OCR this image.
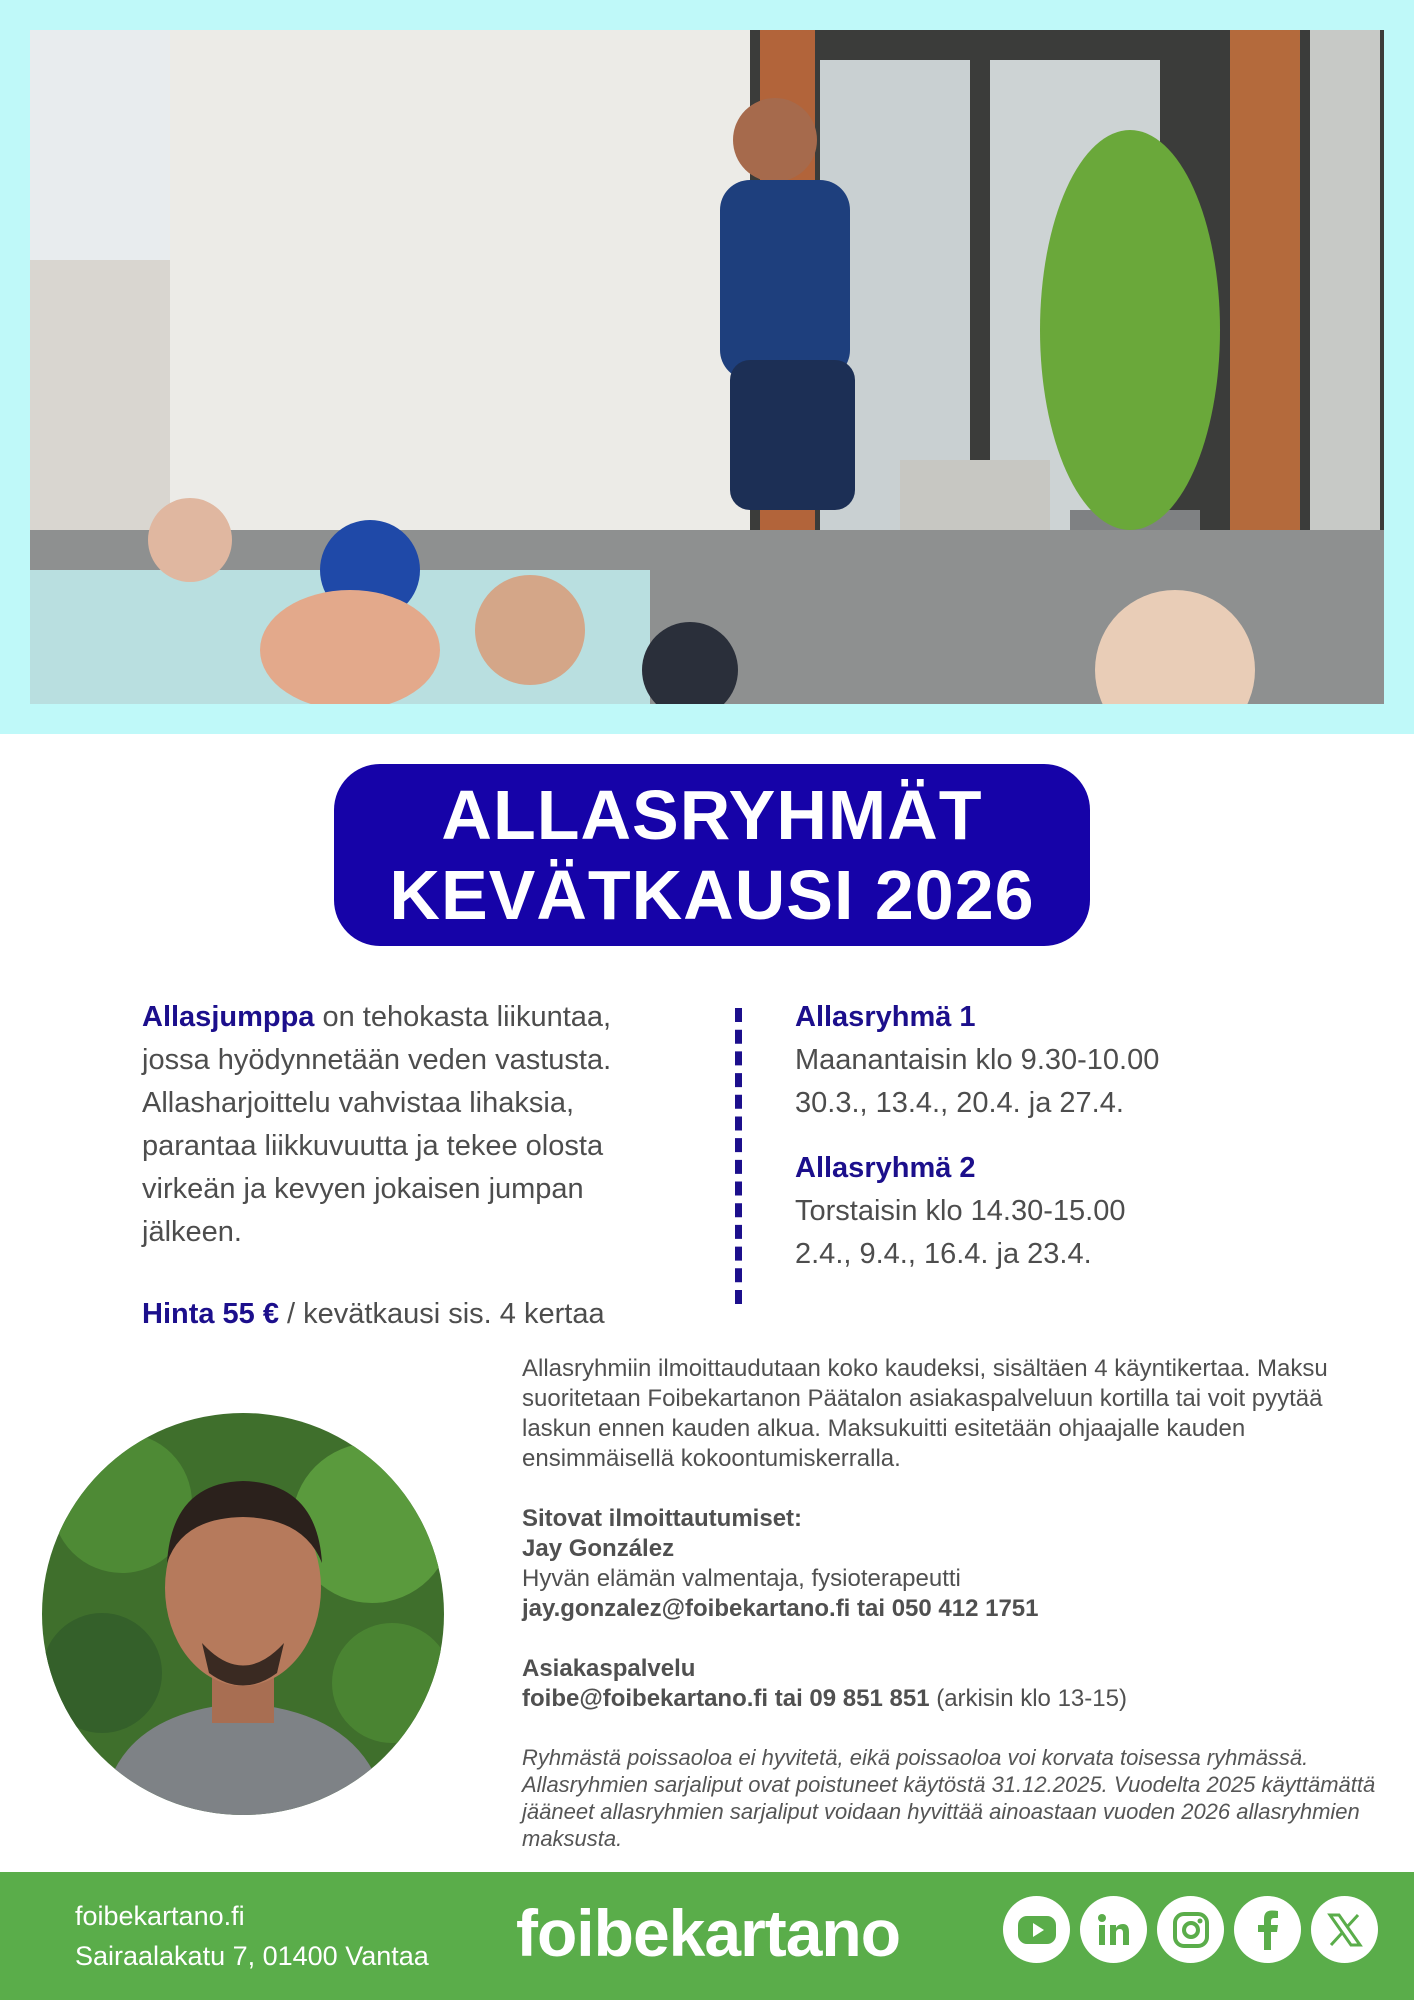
ALLASRYHMÄT
KEVÄTKAUSI 2026
Allasjumppa on tehokasta liikuntaa, jossa hyödynnetään veden vastusta. Allasharjoittelu vahvistaa lihaksia, parantaa liikkuvuutta ja tekee olosta virkeän ja kevyen jokaisen jumpan jälkeen.
Hinta 55 € / kevätkausi sis. 4 kertaa
Allasryhmä 1
Maanantaisin klo 9.30-10.00
30.3., 13.4., 20.4. ja 27.4.
Allasryhmä 2
Torstaisin klo 14.30-15.00
2.4., 9.4., 16.4. ja 23.4.

Allasryhmiin ilmoittaudutaan koko kaudeksi, sisältäen 4 käyntikertaa. Maksu suoritetaan Foibekartanon Päätalon asiakaspalveluun kortilla tai voit pyytää laskun ennen kauden alkua. Maksukuitti esitetään ohjaajalle kauden ensimmäisellä kokoontumiskerralla.

Sitovat ilmoittautumiset:
Jay González
Hyvän elämän valmentaja, fysioterapeutti
jay.gonzalez@foibekartano.fi tai 050 412 1751

Asiakaspalvelu
foibe@foibekartano.fi tai 09 851 851 (arkisin klo 13-15)

Ryhmästä poissaoloa ei hyvitetä, eikä poissaoloa voi korvata toisessa ryhmässä. Allasryhmien sarjaliput ovat poistuneet käytöstä 31.12.2025. Vuodelta 2025 käyttämättä jääneet allasryhmien sarjaliput voidaan hyvittää ainoastaan vuoden 2026 allasryhmien maksusta.

foibekartano.fi
Sairaalakatu 7, 01400 Vantaa foibekartano
